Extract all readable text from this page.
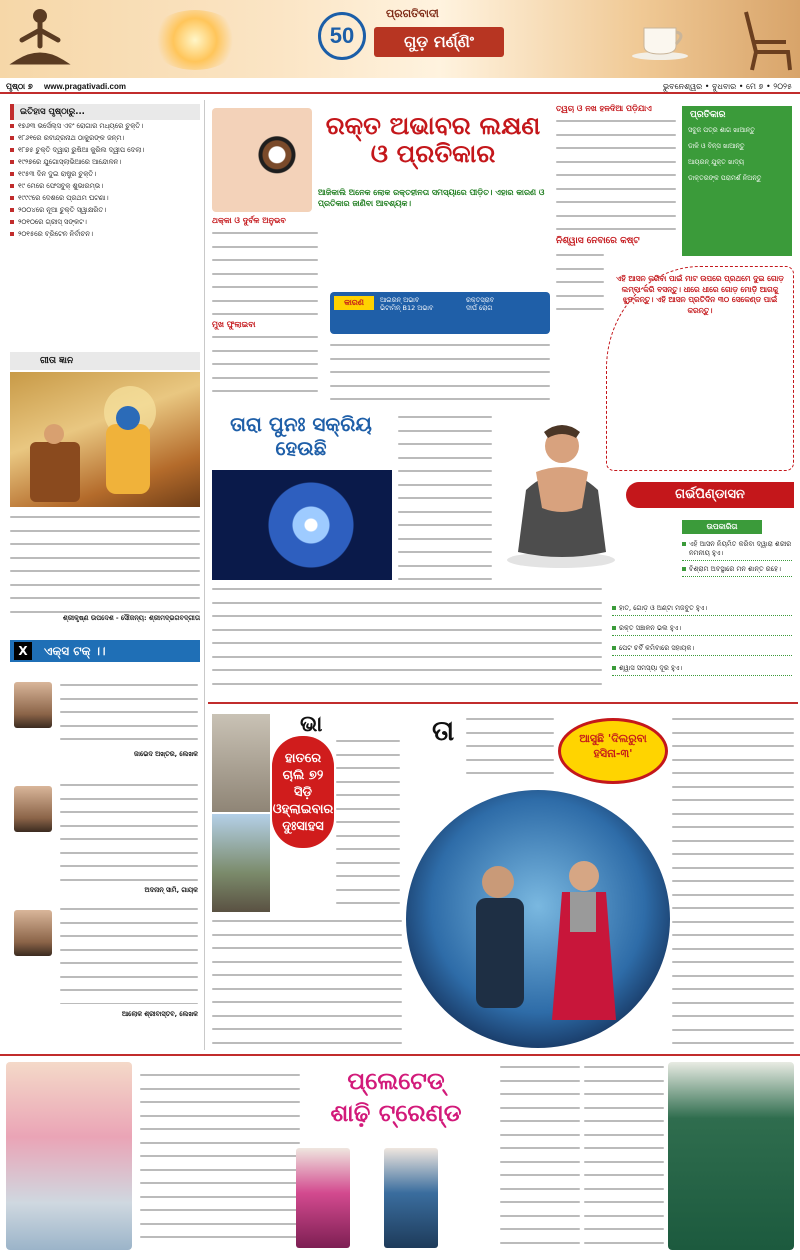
50
ପ୍ରଗତିବାଦୀ
ଗୁଡ଼ ମର୍ଣ୍ଣିଂ
ପୃଷ୍ଠା ୭ www.pragativadi.com	ଭୁବନେଶ୍ୱର • ବୁଧବାର • ମେ ୭ • ୨୦୨୫
ଇତିହାସ ପୃଷ୍ଠାରୁ...
୧୭୬୩ ଭର୍ସେଲ୍ସ ଏବଂ ରୋଗାର ମଧ୍ୟରେ ଚୁକ୍ତି।
୧୮୬୧ରେ ରବୀନ୍ଦ୍ରନାଥ ଠାକୁରଙ୍କ ଜନ୍ମ।
୧୮୭୫ ଚୁକ୍ତି ଦ୍ୱାରା ରୁଷିଆ କୁରିଲ ଦ୍ୱୀପ ଦେଲା।
୧୯୨୭ରେ ଯୁଗୋସ୍ଲାଭିଆରେ ଆନ୍ଦୋଳନ।
୧୯୫୩ ଦିନ ଦୁଇ ରାଷ୍ଟ୍ର ଚୁକ୍ତି।
୧୯ ମେରେ ଫେସବୁକ୍ ଶୁଭାରମ୍ଭ।
୧୯୯୯ରେ ଦେଶରେ ପ୍ରଥମ ଘଟଣା।
୨୦୦୪ରେ ନୂଆ ଚୁକ୍ତି ସ୍ୱାକ୍ଷରିତ।
୨୦୧୦ରେ ଗ୍ରୀସ୍ ସଙ୍କଟ।
୨୦୧୫ରେ ବ୍ରିଟେନ ନିର୍ବାଚନ।
ଗୀତା ଜ୍ଞାନ
ଶ୍ରୀକୃଷ୍ଣ ଉପଦେଶ - ସୌଜନ୍ୟ: ଶ୍ରୀମଦ୍ଭଗବଦ୍ଗୀତା
X	ଏକ୍ସ ଟକ୍ ।।
ଜାଭେଦ ଅଖ୍ତର, ଲେଖକ
ଅଦନାନ୍ ସାମି, ଗାୟକ
ଆଲୋକ ଶ୍ରୀବାସ୍ତବ, ଲେଖକ
ରକ୍ତ ଅଭାବର ଲକ୍ଷଣ ଓ ପ୍ରତିକାର
ଆଜିକାଲି ଅନେକ ଲୋକ ରକ୍ତହୀନତା ସମସ୍ୟାରେ ପୀଡ଼ିତ। ଏହାର କାରଣ ଓ ପ୍ରତିକାର ଜାଣିବା ଆବଶ୍ୟକ।
ଥକ୍କା ଓ ଦୁର୍ବଳ ଅନୁଭବ
ମୁଖ ଫୁଲାଇବା
କାରଣ	ଆଇରନ୍ ଅଭାବ
ଭିଟାମିନ୍ B12 ଅଭାବ
ରକ୍ତସ୍ରାବ
ଦୀର୍ଘ ରୋଗ
ତ୍ୱଚା ଓ ନଖ ହଳଦିଆ ପଡ଼ିଯାଏ
ନିଶ୍ୱାସ ନେବାରେ କଷ୍ଟ
ପ୍ରତିକାର
ସବୁଜ ପତ୍ର ଶାଗ ଖାଆନ୍ତୁ
ଡାଳି ଓ ବିନ୍ସ ଖାଆନ୍ତୁ
ଆୟରନ୍ ଯୁକ୍ତ ଖାଦ୍ୟ
ଡାକ୍ତରଙ୍କ ପରାମର୍ଶ ନିଅନ୍ତୁ
ଏହି ଆସନ କରିବା ପାଇଁ ମାଟ ଉପରେ ପ୍ରଥମେ ଦୁଇ ଗୋଡ଼ ଲମ୍ବା କରି ବସନ୍ତୁ। ଧୀରେ ଧୀରେ ଗୋଡ଼ ମୋଡ଼ି ଆଗକୁ ଝୁଙ୍କନ୍ତୁ। ଏହି ଆସନ ପ୍ରତିଦିନ ୩୦ ସେକେଣ୍ଡ ପାଇଁ କରନ୍ତୁ।
ଗର୍ଭପିଣ୍ଡାସନ
ଉପକାରିତା
ଏହି ଆସନ ନିୟମିତ କରିବା ଦ୍ୱାରା ଶରୀର ନମନୀୟ ହୁଏ।
ବିଶ୍ରାମ ଅବସ୍ଥାରେ ମନ ଶାନ୍ତ ରହେ।
ହାତ, ଗୋଡ଼ ଓ ଅଣ୍ଟା ମଜବୁତ ହୁଏ।
ରକ୍ତ ସଞ୍ଚାଳନ ଭଲ ହୁଏ।
ପେଟ ଚର୍ବି କମିବାରେ ସହାୟକ।
ଶ୍ୱାସ ସମସ୍ୟା ଦୂର ହୁଏ।
ତାରା ପୁନଃ ସକ୍ରିୟ ହେଉଛି
ହାତରେ ଚାଲି ୭୨ ସିଡ଼ି ଓହ୍ଲାଇବାର ଦୁଃସାହସ
ଭା	ତା	ଆସୁଛି 'ଦିଲରୁବା ହସିନା-୩'
ପ୍ଲେଟେଡ୍
ଶାଢ଼ି ଟ୍ରେଣ୍ଡ
